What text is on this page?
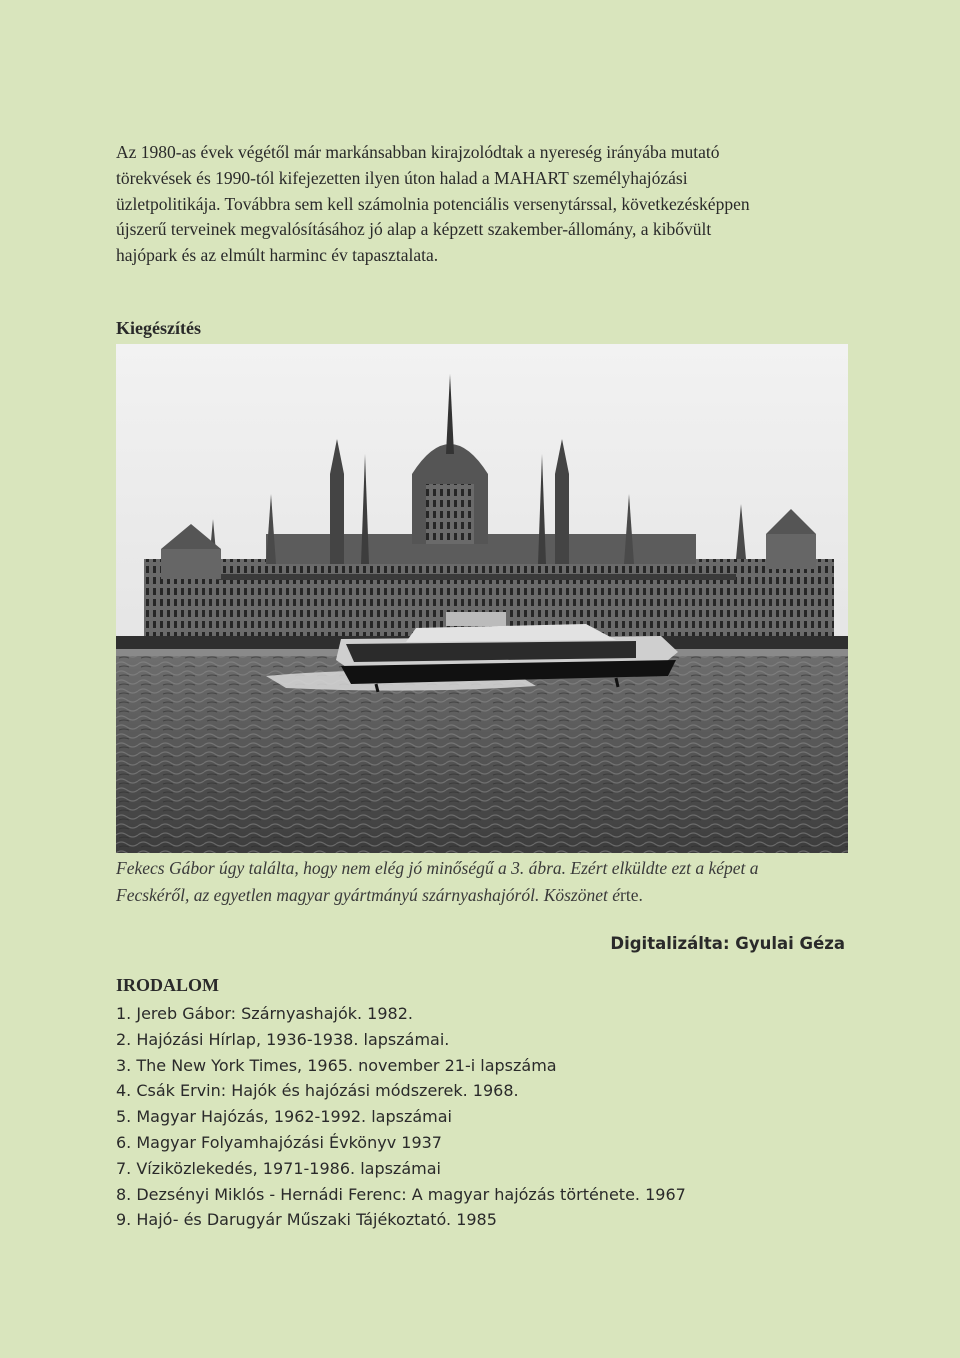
Az 1980-as évek végétől már markánsabban kirajzolódtak a nyereség irányába mutató

törekvések és 1990-tól kifejezetten ilyen úton halad a MAHART személyhajózási

üzletpolitikája. Továbbra sem kell számolnia potenciális versenytárssal, következésképpen

újszerű terveinek megvalósításához jó alap a képzett szakember-állomány, a kibővült

hajópark és az elmúlt harminc év tapasztalata.

Kiegészítés

Fekecs Gábor úgy találta, hogy nem elég jó minőségű a 3. ábra. Ezért elküldte ezt a képet a

Fecskéről, az egyetlen magyar gyártmányú szárnyashajóról. Köszönet érte.

Digitalizálta: Gyulai Géza
IRODALOM
1. Jereb Gábor: Szárnyashajók. 1982.
2. Hajózási Hírlap, 1936-1938. lapszámai.
3. The New York Times, 1965. november 21-i lapszáma
4. Csák Ervin: Hajók és hajózási módszerek. 1968.
5. Magyar Hajózás, 1962-1992. lapszámai
6. Magyar Folyamhajózási Évkönyv 1937
7. Víziközlekedés, 1971-1986. lapszámai
8. Dezsényi Miklós - Hernádi Ferenc: A magyar hajózás története. 1967
9. Hajó- és Darugyár Műszaki Tájékoztató. 1985
